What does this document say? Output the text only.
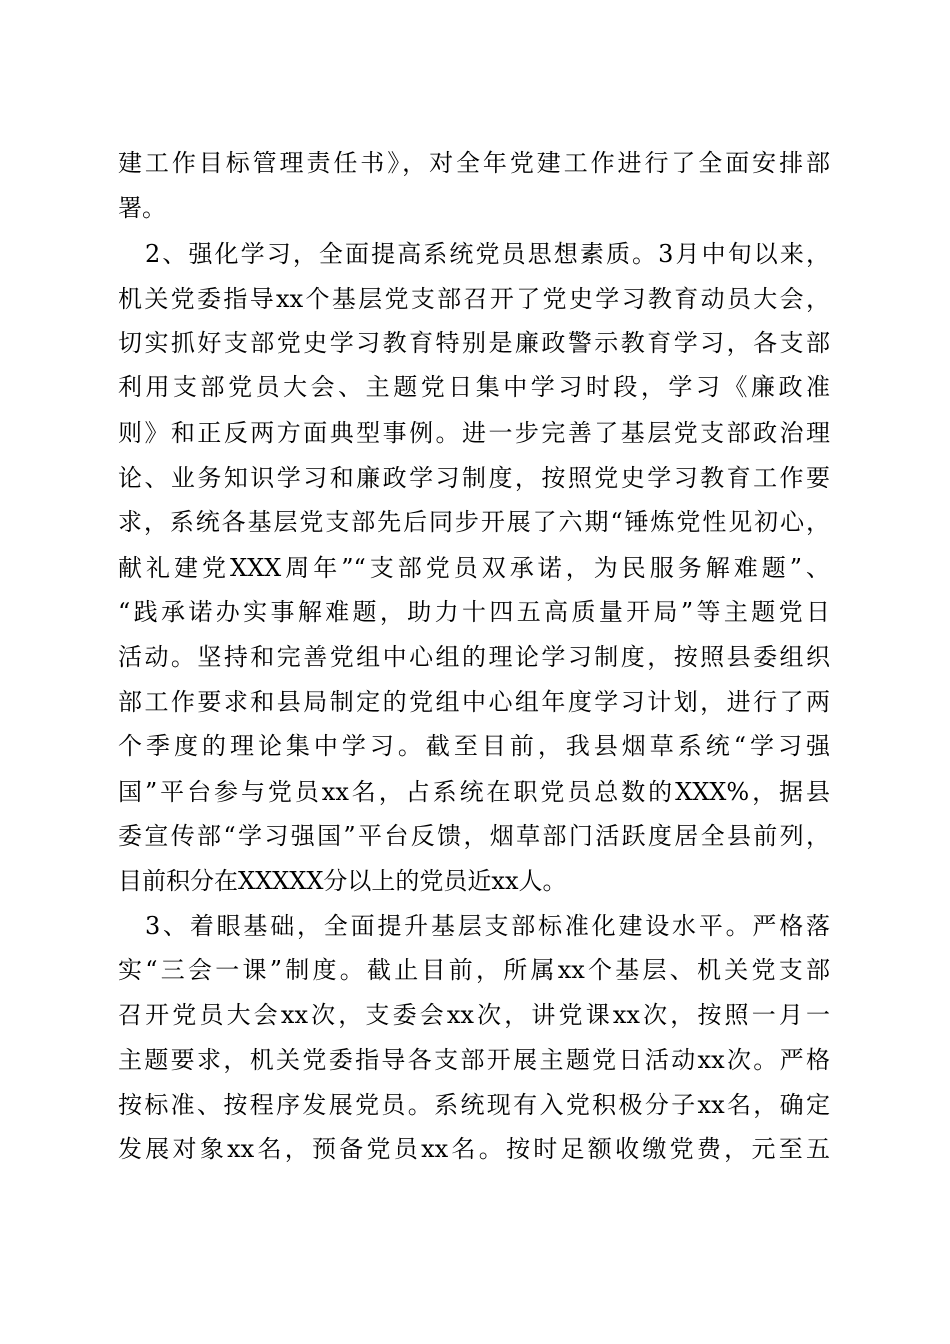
建工作目标管理责任书》，对全年党建工作进行了全面安排部
署。
2、强化学习，全面提高系统党员思想素质。3月中旬以来，
机关党委指导xx个基层党支部召开了党史学习教育动员大会，
切实抓好支部党史学习教育特别是廉政警示教育学习，各支部
利用支部党员大会、主题党日集中学习时段，学习《廉政准
则》和正反两方面典型事例。进一步完善了基层党支部政治理
论、业务知识学习和廉政学习制度，按照党史学习教育工作要
求，系统各基层党支部先后同步开展了六期“锤炼党性见初心，
献礼建党XXX周年”“支部党员双承诺，为民服务解难题”、
“践承诺办实事解难题，助力十四五高质量开局”等主题党日
活动。坚持和完善党组中心组的理论学习制度，按照县委组织
部工作要求和县局制定的党组中心组年度学习计划，进行了两
个季度的理论集中学习。截至目前，我县烟草系统“学习强
国”平台参与党员xx名，占系统在职党员总数的XXX%，据县
委宣传部“学习强国”平台反馈，烟草部门活跃度居全县前列，
目前积分在XXXXX分以上的党员近xx人。
3、着眼基础，全面提升基层支部标准化建设水平。严格落
实“三会一课”制度。截止目前，所属xx个基层、机关党支部
召开党员大会xx次，支委会xx次，讲党课xx次，按照一月一
主题要求，机关党委指导各支部开展主题党日活动xx次。严格
按标准、按程序发展党员。系统现有入党积极分子xx名，确定
发展对象xx名，预备党员xx名。按时足额收缴党费，元至五
